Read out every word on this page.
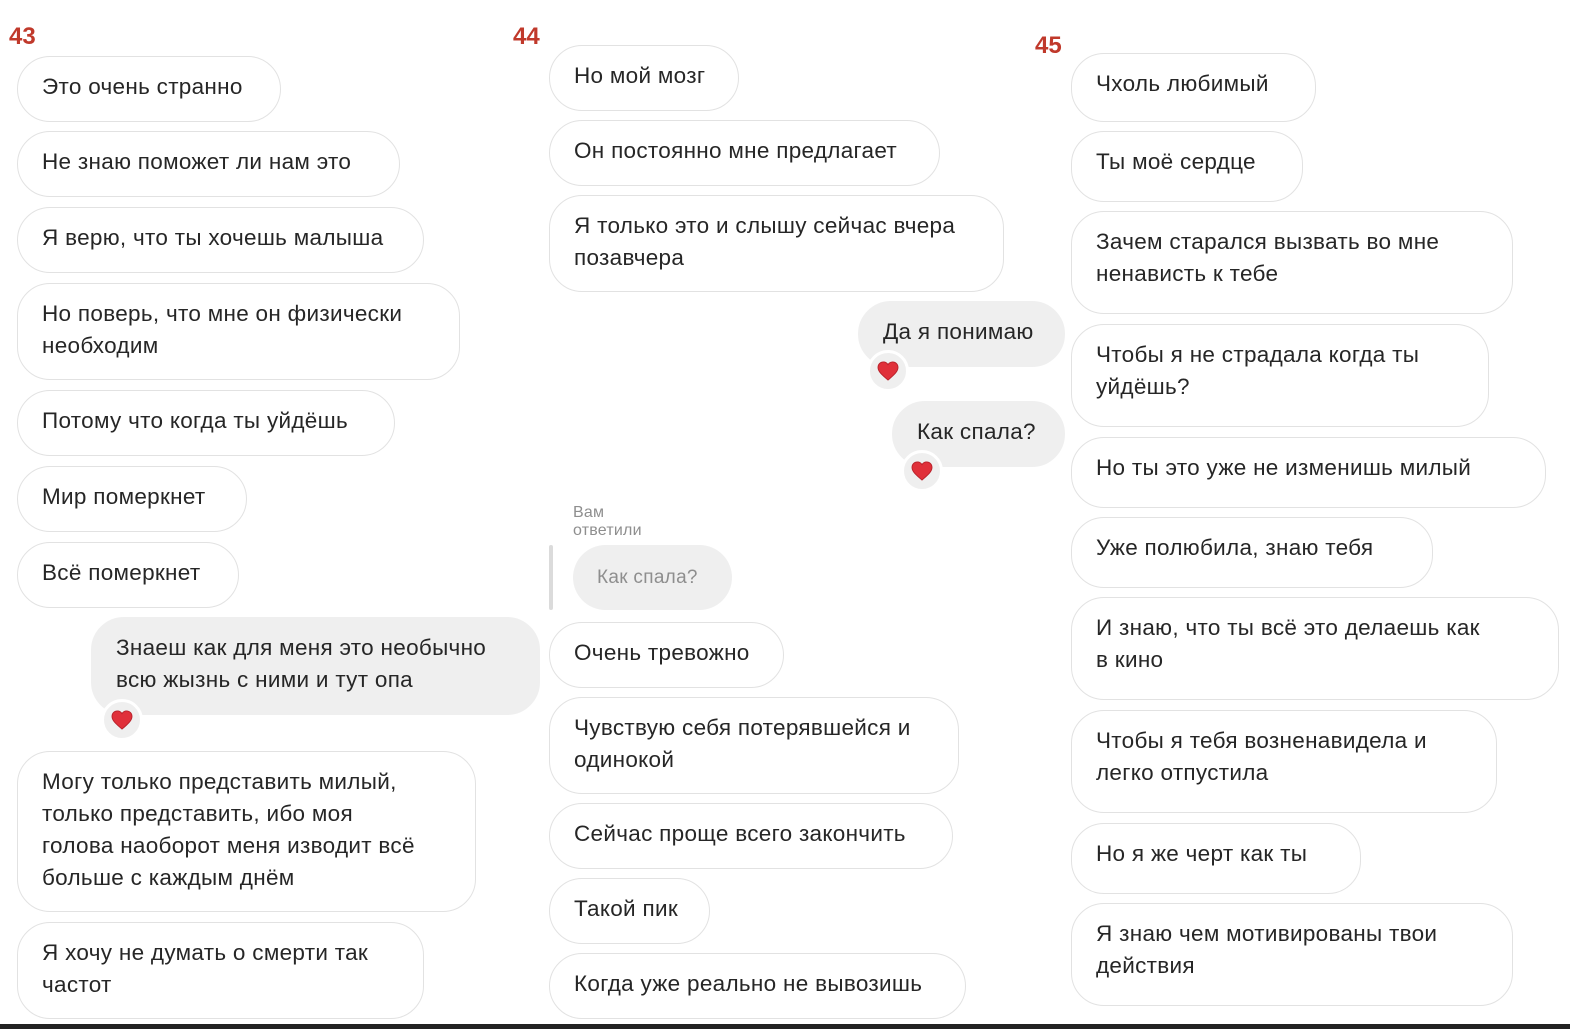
43
Это очень странно
Не знаю поможет ли нам это
Я верю, что ты хочешь малыша
Но поверь, что мне он физически
необходим
Потому что когда ты уйдёшь
Мир померкнет
Всё померкнет
Знаеш как для меня это необычно
всю жызнь с ними и тут опа
Могу только представить милый,
только представить, ибо моя
голова наоборот меня изводит всё
больше с каждым днём
Я хочу не думать о смерти так
частот
44
Но мой мозг
Он постоянно мне предлагает
Я только это и слышу сейчас вчера
позавчера
Да я понимаю
Как спала?
Вам ответили
Как спала?
Очень тревожно
Чувствую себя потерявшейся и
одинокой
Сейчас проще всего закончить
Такой пик
Когда уже реально не вывозишь
45
Чхоль любимый
Ты моё сердце
Зачем старался вызвать во мне
ненависть к тебе
Чтобы я не страдала когда ты
уйдёшь?
Но ты это уже не изменишь милый
Уже полюбила, знаю тебя
И знаю, что ты всё это делаешь как
в кино
Чтобы я тебя возненавидела и
легко отпустила
Но я же черт как ты
Я знаю чем мотивированы твои
действия
